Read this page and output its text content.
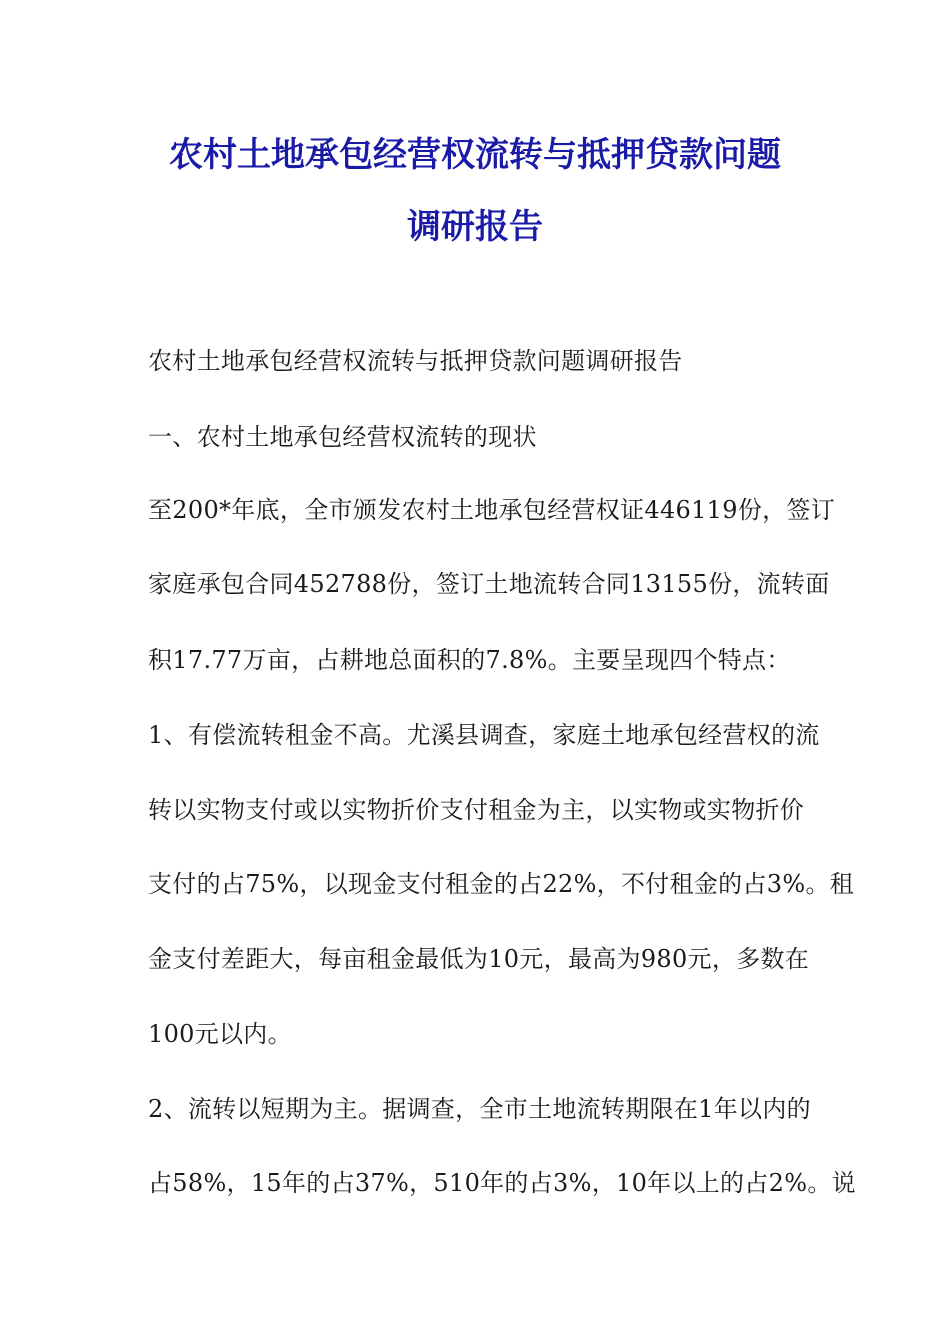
农村土地承包经营权流转与抵押贷款问题
调研报告
农村土地承包经营权流转与抵押贷款问题调研报告
一、农村土地承包经营权流转的现状
至200*年底，全市颁发农村土地承包经营权证446119份，签订
家庭承包合同452788份，签订土地流转合同13155份，流转面
积17.77万亩，占耕地总面积的7.8%。主要呈现四个特点：
1、有偿流转租金不高。尤溪县调查，家庭土地承包经营权的流
转以实物支付或以实物折价支付租金为主，以实物或实物折价
支付的占75%，以现金支付租金的占22%，不付租金的占3%。租
金支付差距大，每亩租金最低为10元，最高为980元，多数在
100元以内。
2、流转以短期为主。据调查，全市土地流转期限在1年以内的
占58%，15年的占37%，510年的占3%，10年以上的占2%。说
